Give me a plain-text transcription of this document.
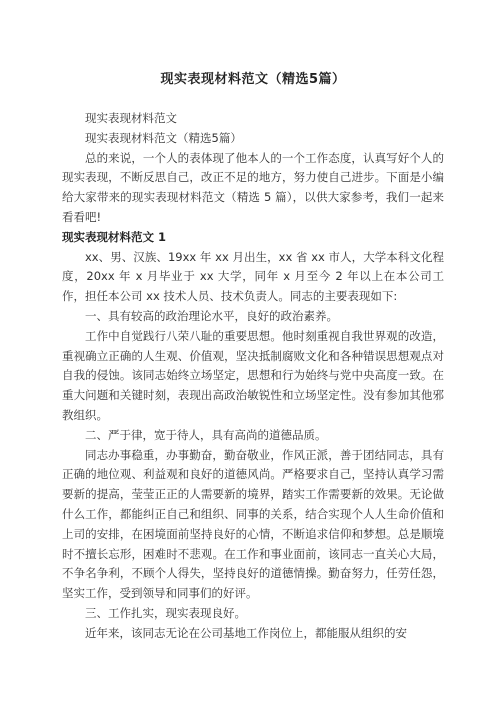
现实表现材料范文（精选5篇）

现实表现材料范文

现实表现材料范文（精选5篇）

总的来说，一个人的表体现了他本人的一个工作态度，认真写好个人的现实表现，不断反思自己，改正不足的地方，努力使自己进步。下面是小编给大家带来的现实表现材料范文（精选 5 篇），以供大家参考，我们一起来看看吧!

现实表现材料范文 1

xx、男、汉族、19xx 年 xx 月出生，xx 省 xx 市人，大学本科文化程度，20xx 年 x 月毕业于 xx 大学，同年 x 月至今 2 年以上在本公司工作，担任本公司 xx 技术人员、技术负责人。同志的主要表现如下:

一、具有较高的政治理论水平，良好的政治素养。

工作中自觉践行八荣八耻的重要思想。他时刻重视自我世界观的改造，重视确立正确的人生观、价值观，坚决抵制腐败文化和各种错误思想观点对自我的侵蚀。该同志始终立场坚定，思想和行为始终与党中央高度一致。在重大问题和关键时刻，表现出高政治敏锐性和立场坚定性。没有参加其他邪教组织。

二、严于律，宽于待人，具有高尚的道德品质。

同志办事稳重，办事勤奋，勤奋敬业，作风正派，善于团结同志，具有正确的地位观、利益观和良好的道德风尚。严格要求自己，坚持认真学习需要新的提高，莹莹正正的人需要新的境界，踏实工作需要新的效果。无论做什么工作，都能纠正自己和组织、同事的关系，结合实现个人人生命价值和上司的安排，在困境面前坚持良好的心情，不断追求信仰和梦想。总是顺境时不擅长忘形，困难时不悲观。在工作和事业面前，该同志一直关心大局，不争名争利，不顾个人得失，坚持良好的道德情操。勤奋努力，任劳任怨，坚实工作，受到领导和同事们的好评。

三、工作扎实，现实表现良好。

近年来，该同志无论在公司基地工作岗位上，都能服从组织的安
